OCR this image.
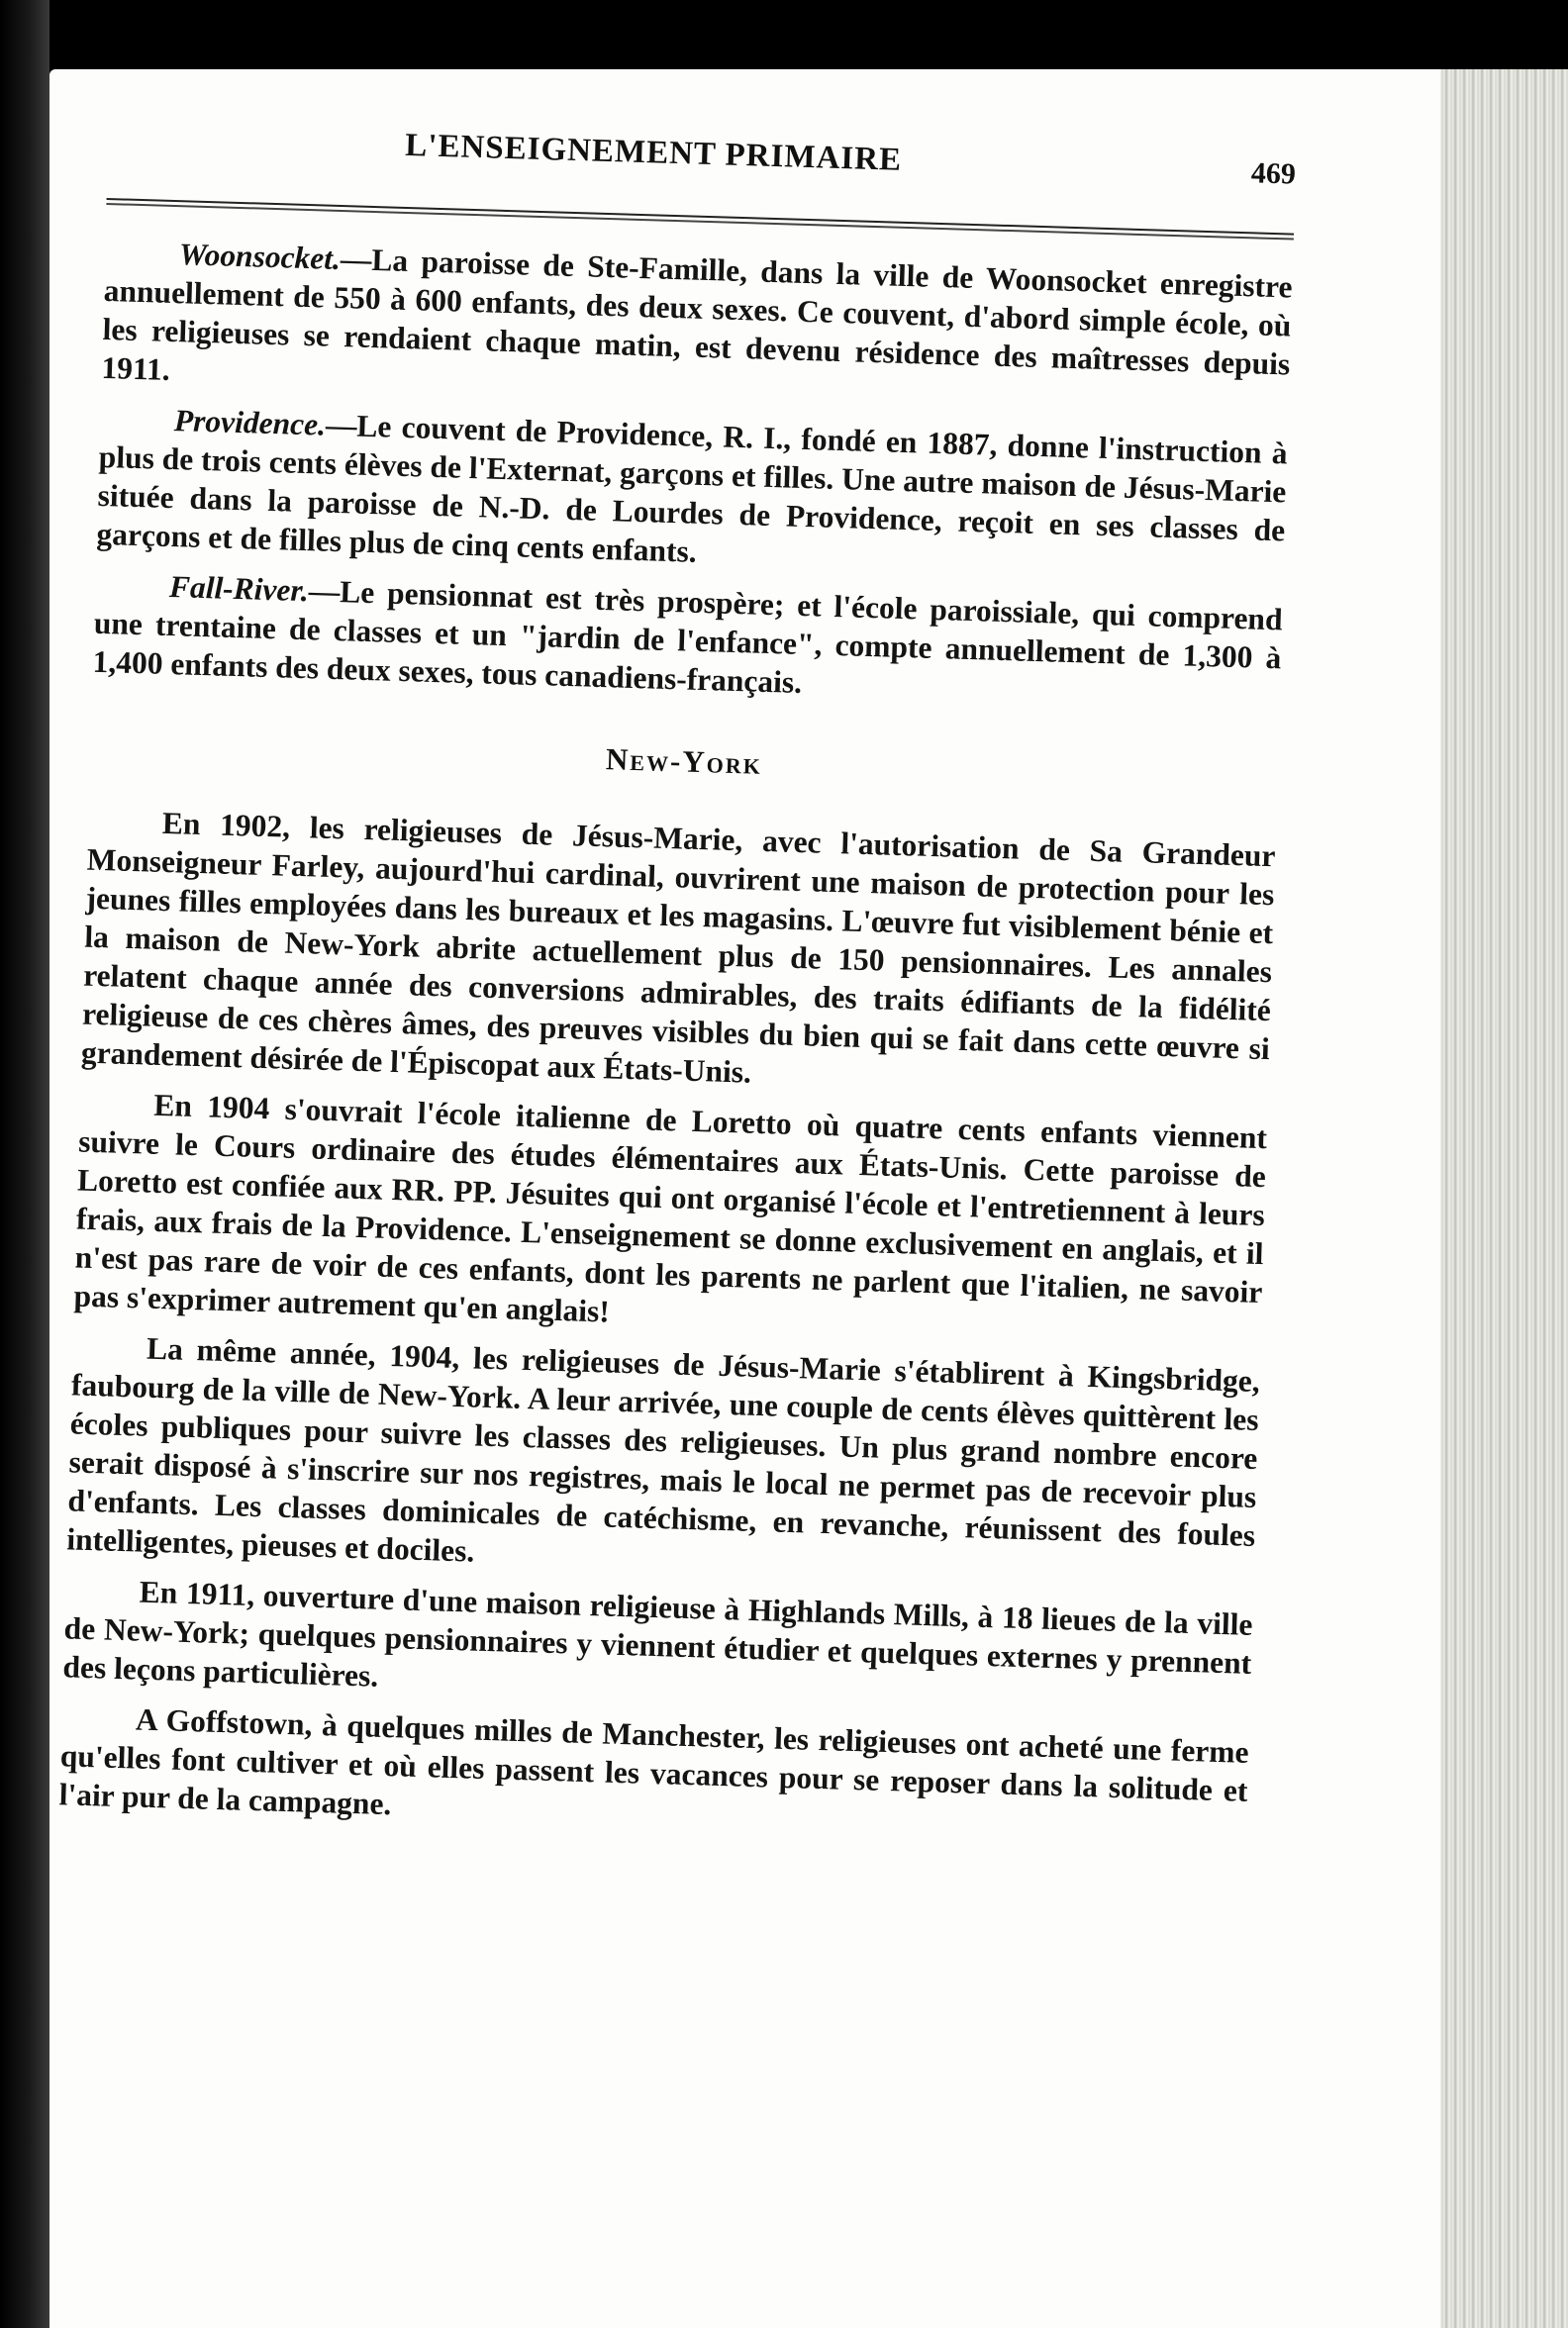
L'ENSEIGNEMENT PRIMAIRE	469

Woonsocket.—La paroisse de Ste-Famille, dans la ville de Woonsocket enregistre annuellement de 550 à 600 enfants, des deux sexes. Ce couvent, d'abord simple école, où les religieuses se rendaient chaque matin, est devenu résidence des maîtresses depuis 1911.

Providence.—Le couvent de Providence, R. I., fondé en 1887, donne l'instruction à plus de trois cents élèves de l'Externat, garçons et filles. Une autre maison de Jésus-Marie située dans la paroisse de N.-D. de Lourdes de Providence, reçoit en ses classes de garçons et de filles plus de cinq cents enfants.

Fall-River.—Le pensionnat est très prospère; et l'école paroissiale, qui comprend une trentaine de classes et un "jardin de l'enfance", compte annuellement de 1,300 à 1,400 enfants des deux sexes, tous canadiens-français.

New-York

En 1902, les religieuses de Jésus-Marie, avec l'autorisation de Sa Grandeur Monseigneur Farley, aujourd'hui cardinal, ouvrirent une maison de protection pour les jeunes filles employées dans les bureaux et les magasins. L'œuvre fut visiblement bénie et la maison de New-York abrite actuellement plus de 150 pensionnaires. Les annales relatent chaque année des conversions admirables, des traits édifiants de la fidélité religieuse de ces chères âmes, des preuves visibles du bien qui se fait dans cette œuvre si grandement désirée de l'Épiscopat aux États-Unis.

En 1904 s'ouvrait l'école italienne de Loretto où quatre cents enfants viennent suivre le Cours ordinaire des études élémentaires aux États-Unis. Cette paroisse de Loretto est confiée aux RR. PP. Jésuites qui ont organisé l'école et l'entretiennent à leurs frais, aux frais de la Providence. L'enseignement se donne exclusivement en anglais, et il n'est pas rare de voir de ces enfants, dont les parents ne parlent que l'italien, ne savoir pas s'exprimer autrement qu'en anglais!

La même année, 1904, les religieuses de Jésus-Marie s'établirent à Kingsbridge, faubourg de la ville de New-York. A leur arrivée, une couple de cents élèves quittèrent les écoles publiques pour suivre les classes des religieuses. Un plus grand nombre encore serait disposé à s'inscrire sur nos registres, mais le local ne permet pas de recevoir plus d'enfants. Les classes dominicales de catéchisme, en revanche, réunissent des foules intelligentes, pieuses et dociles.

En 1911, ouverture d'une maison religieuse à Highlands Mills, à 18 lieues de la ville de New-York; quelques pensionnaires y viennent étudier et quelques externes y prennent des leçons particulières.

A Goffstown, à quelques milles de Manchester, les religieuses ont acheté une ferme qu'elles font cultiver et où elles passent les vacances pour se reposer dans la solitude et l'air pur de la campagne.
